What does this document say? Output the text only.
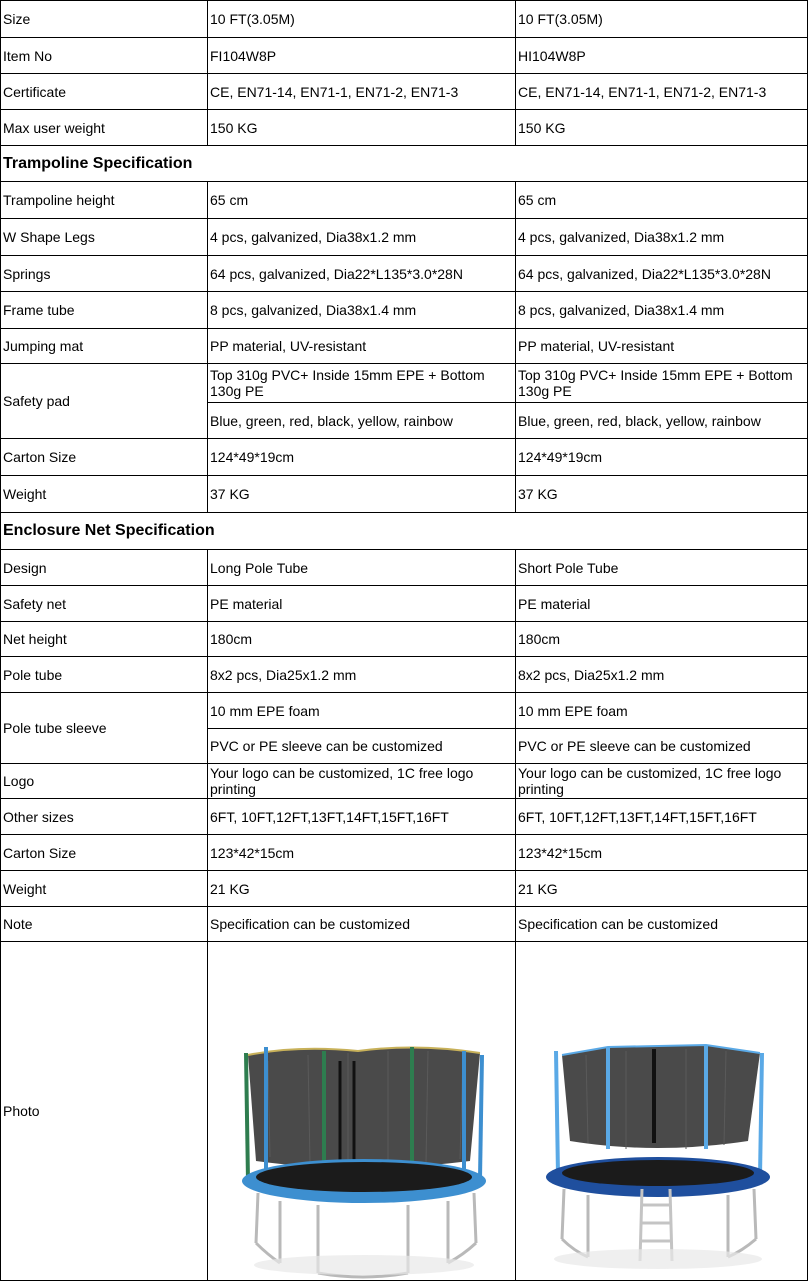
Size	10 FT(3.05M)	10 FT(3.05M)
Item No	FI104W8P	HI104W8P
Certificate	CE, EN71-14, EN71-1, EN71-2, EN71-3	CE, EN71-14, EN71-1, EN71-2, EN71-3
Max user weight	150 KG	150 KG
Trampoline Specification		
Trampoline height	65 cm	65 cm
W Shape Legs	4 pcs, galvanized, Dia38x1.2 mm	4 pcs, galvanized, Dia38x1.2 mm
Springs	64 pcs, galvanized, Dia22*L135*3.0*28N	64 pcs, galvanized, Dia22*L135*3.0*28N
Frame tube	8 pcs, galvanized, Dia38x1.4 mm	8 pcs, galvanized, Dia38x1.4 mm
Jumping mat	PP material, UV-resistant	PP material, UV-resistant
Safety pad	Top 310g PVC+ Inside 15mm EPE + Bottom 130g PE	Top 310g PVC+ Inside 15mm EPE + Bottom 130g PE
	Blue, green, red, black, yellow, rainbow	Blue, green, red, black, yellow, rainbow
Carton Size	124*49*19cm	124*49*19cm
Weight	37 KG	37 KG
Enclosure Net Specification		
Design	Long Pole Tube	Short Pole Tube
Safety net	PE material	PE material
Net height	180cm	180cm
Pole tube	8x2 pcs, Dia25x1.2 mm	8x2 pcs, Dia25x1.2 mm
Pole tube sleeve	10 mm EPE foam	10 mm EPE foam
	PVC or PE sleeve can be customized	PVC or PE sleeve can be customized
Logo	Your logo can be customized, 1C free logo printing	Your logo can be customized, 1C free logo printing
Other sizes	6FT, 10FT,12FT,13FT,14FT,15FT,16FT	6FT, 10FT,12FT,13FT,14FT,15FT,16FT
Carton Size	123*42*15cm	123*42*15cm
Weight	21 KG	21 KG
Note	Specification can be customized	Specification can be customized
Photo	
